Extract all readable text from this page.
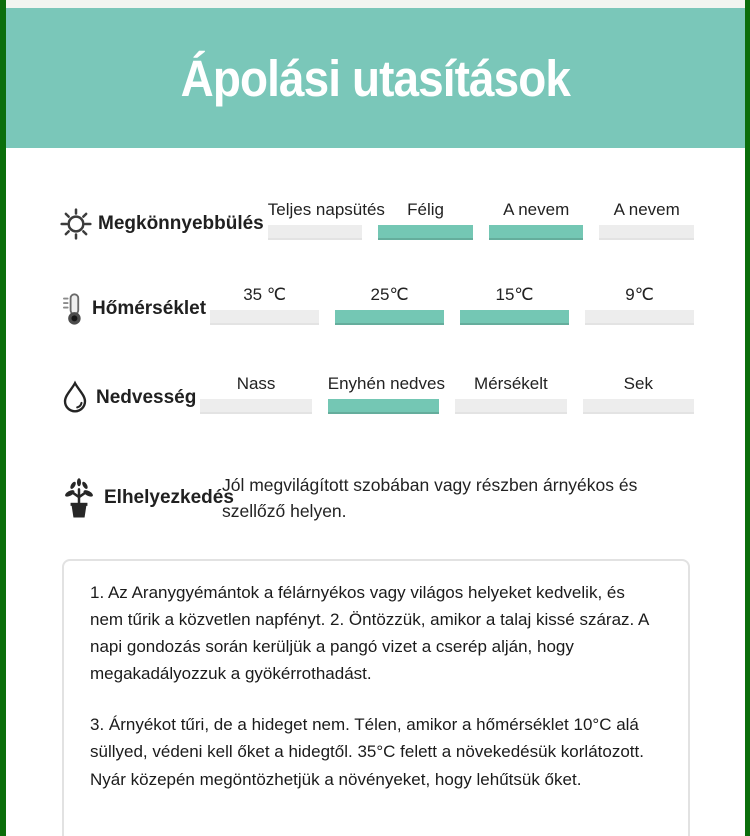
Ápolási utasítások
Megkönnyebbülés
Teljes napsütés	Félig	A nevem	A nevem
Hőmérséklet
35 ℃	25℃	15℃	9℃
Nedvesség
Nass	Enyhén nedves	Mérsékelt	Sek
Elhelyezkedés

Jól megvilágított szobában vagy részben árnyékos és szellőző helyen.

1. Az Aranygyémántok a félárnyékos vagy világos helyeket kedvelik, és nem tűrik a közvetlen napfényt. 2. Öntözzük, amikor a talaj kissé száraz. A napi gondozás során kerüljük a pangó vizet a cserép alján, hogy megakadályozzuk a gyökérrothadást.

3. Árnyékot tűri, de a hideget nem. Télen, amikor a hőmérséklet 10°C alá süllyed, védeni kell őket a hidegtől. 35°C felett a növekedésük korlátozott. Nyár közepén megöntözhetjük a növényeket, hogy lehűtsük őket.
